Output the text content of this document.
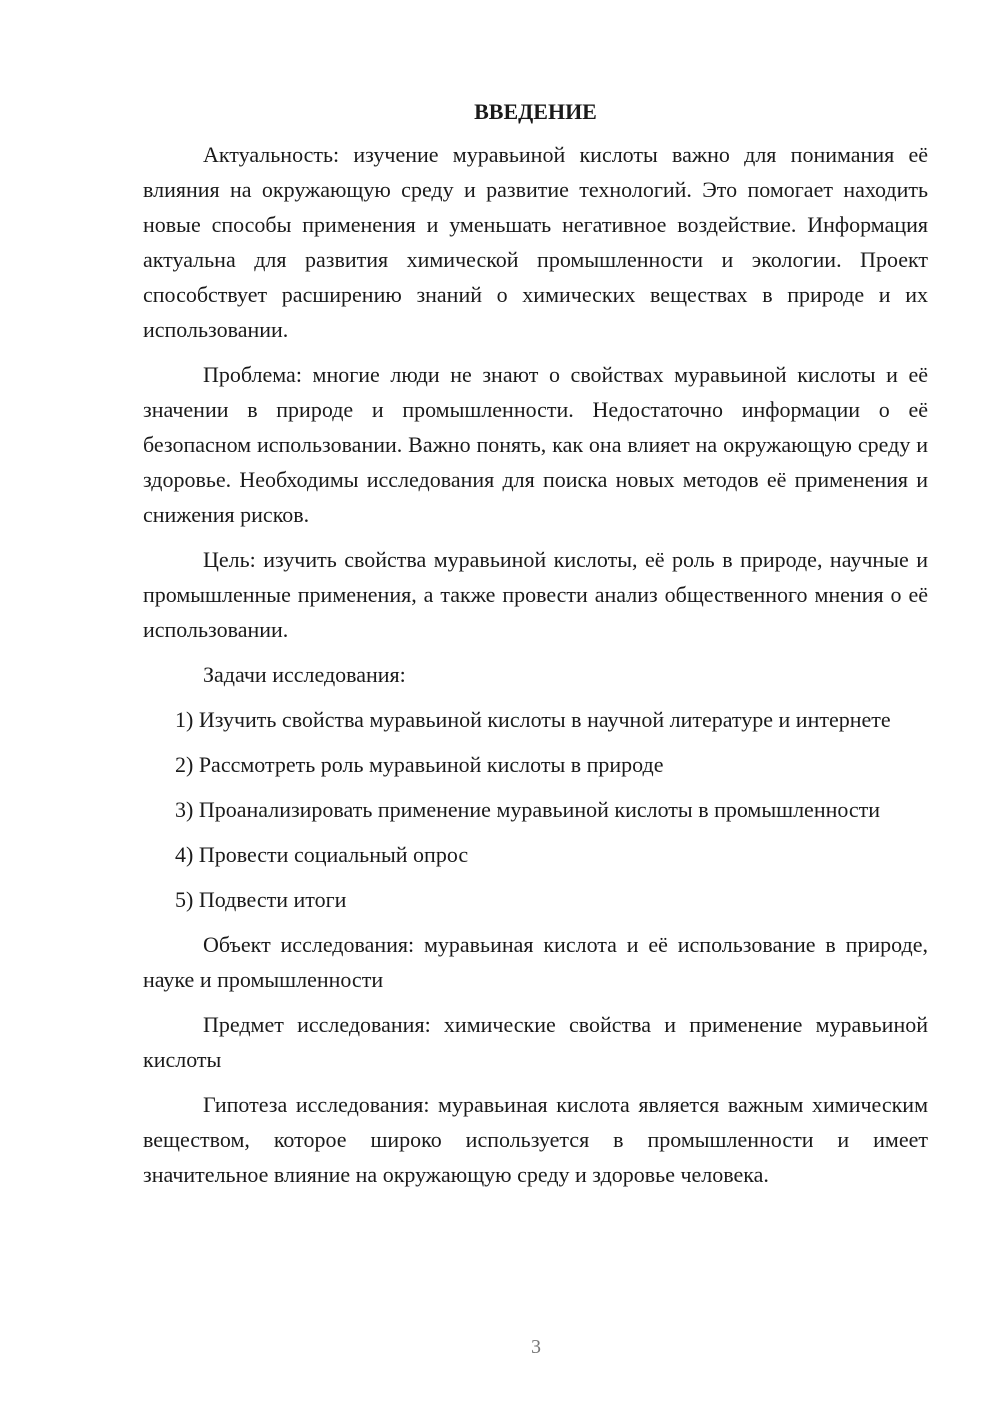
ВВЕДЕНИЕ

Актуальность: изучение муравьиной кислоты важно для понимания её влияния на окружающую среду и развитие технологий. Это помогает находить новые способы применения и уменьшать негативное воздействие. Информация актуальна для развития химической промышленности и экологии. Проект способствует расширению знаний о химических веществах в природе и их использовании.

Проблема: многие люди не знают о свойствах муравьиной кислоты и её значении в природе и промышленности. Недостаточно информации о её безопасном использовании. Важно понять, как она влияет на окружающую среду и здоровье. Необходимы исследования для поиска новых методов её применения и снижения рисков.

Цель: изучить свойства муравьиной кислоты, её роль в природе, научные и промышленные применения, а также провести анализ общественного мнения о её использовании.

Задачи исследования:

1) Изучить свойства муравьиной кислоты в научной литературе и интернете

2) Рассмотреть роль муравьиной кислоты в природе

3) Проанализировать применение муравьиной кислоты в промышленности

4) Провести социальный опрос

5) Подвести итоги

Объект исследования: муравьиная кислота и её использование в природе, науке и промышленности

Предмет исследования: химические свойства и применение муравьиной кислоты

Гипотеза исследования: муравьиная кислота является важным химическим веществом, которое широко используется в промышленности и имеет значительное влияние на окружающую среду и здоровье человека.

3
